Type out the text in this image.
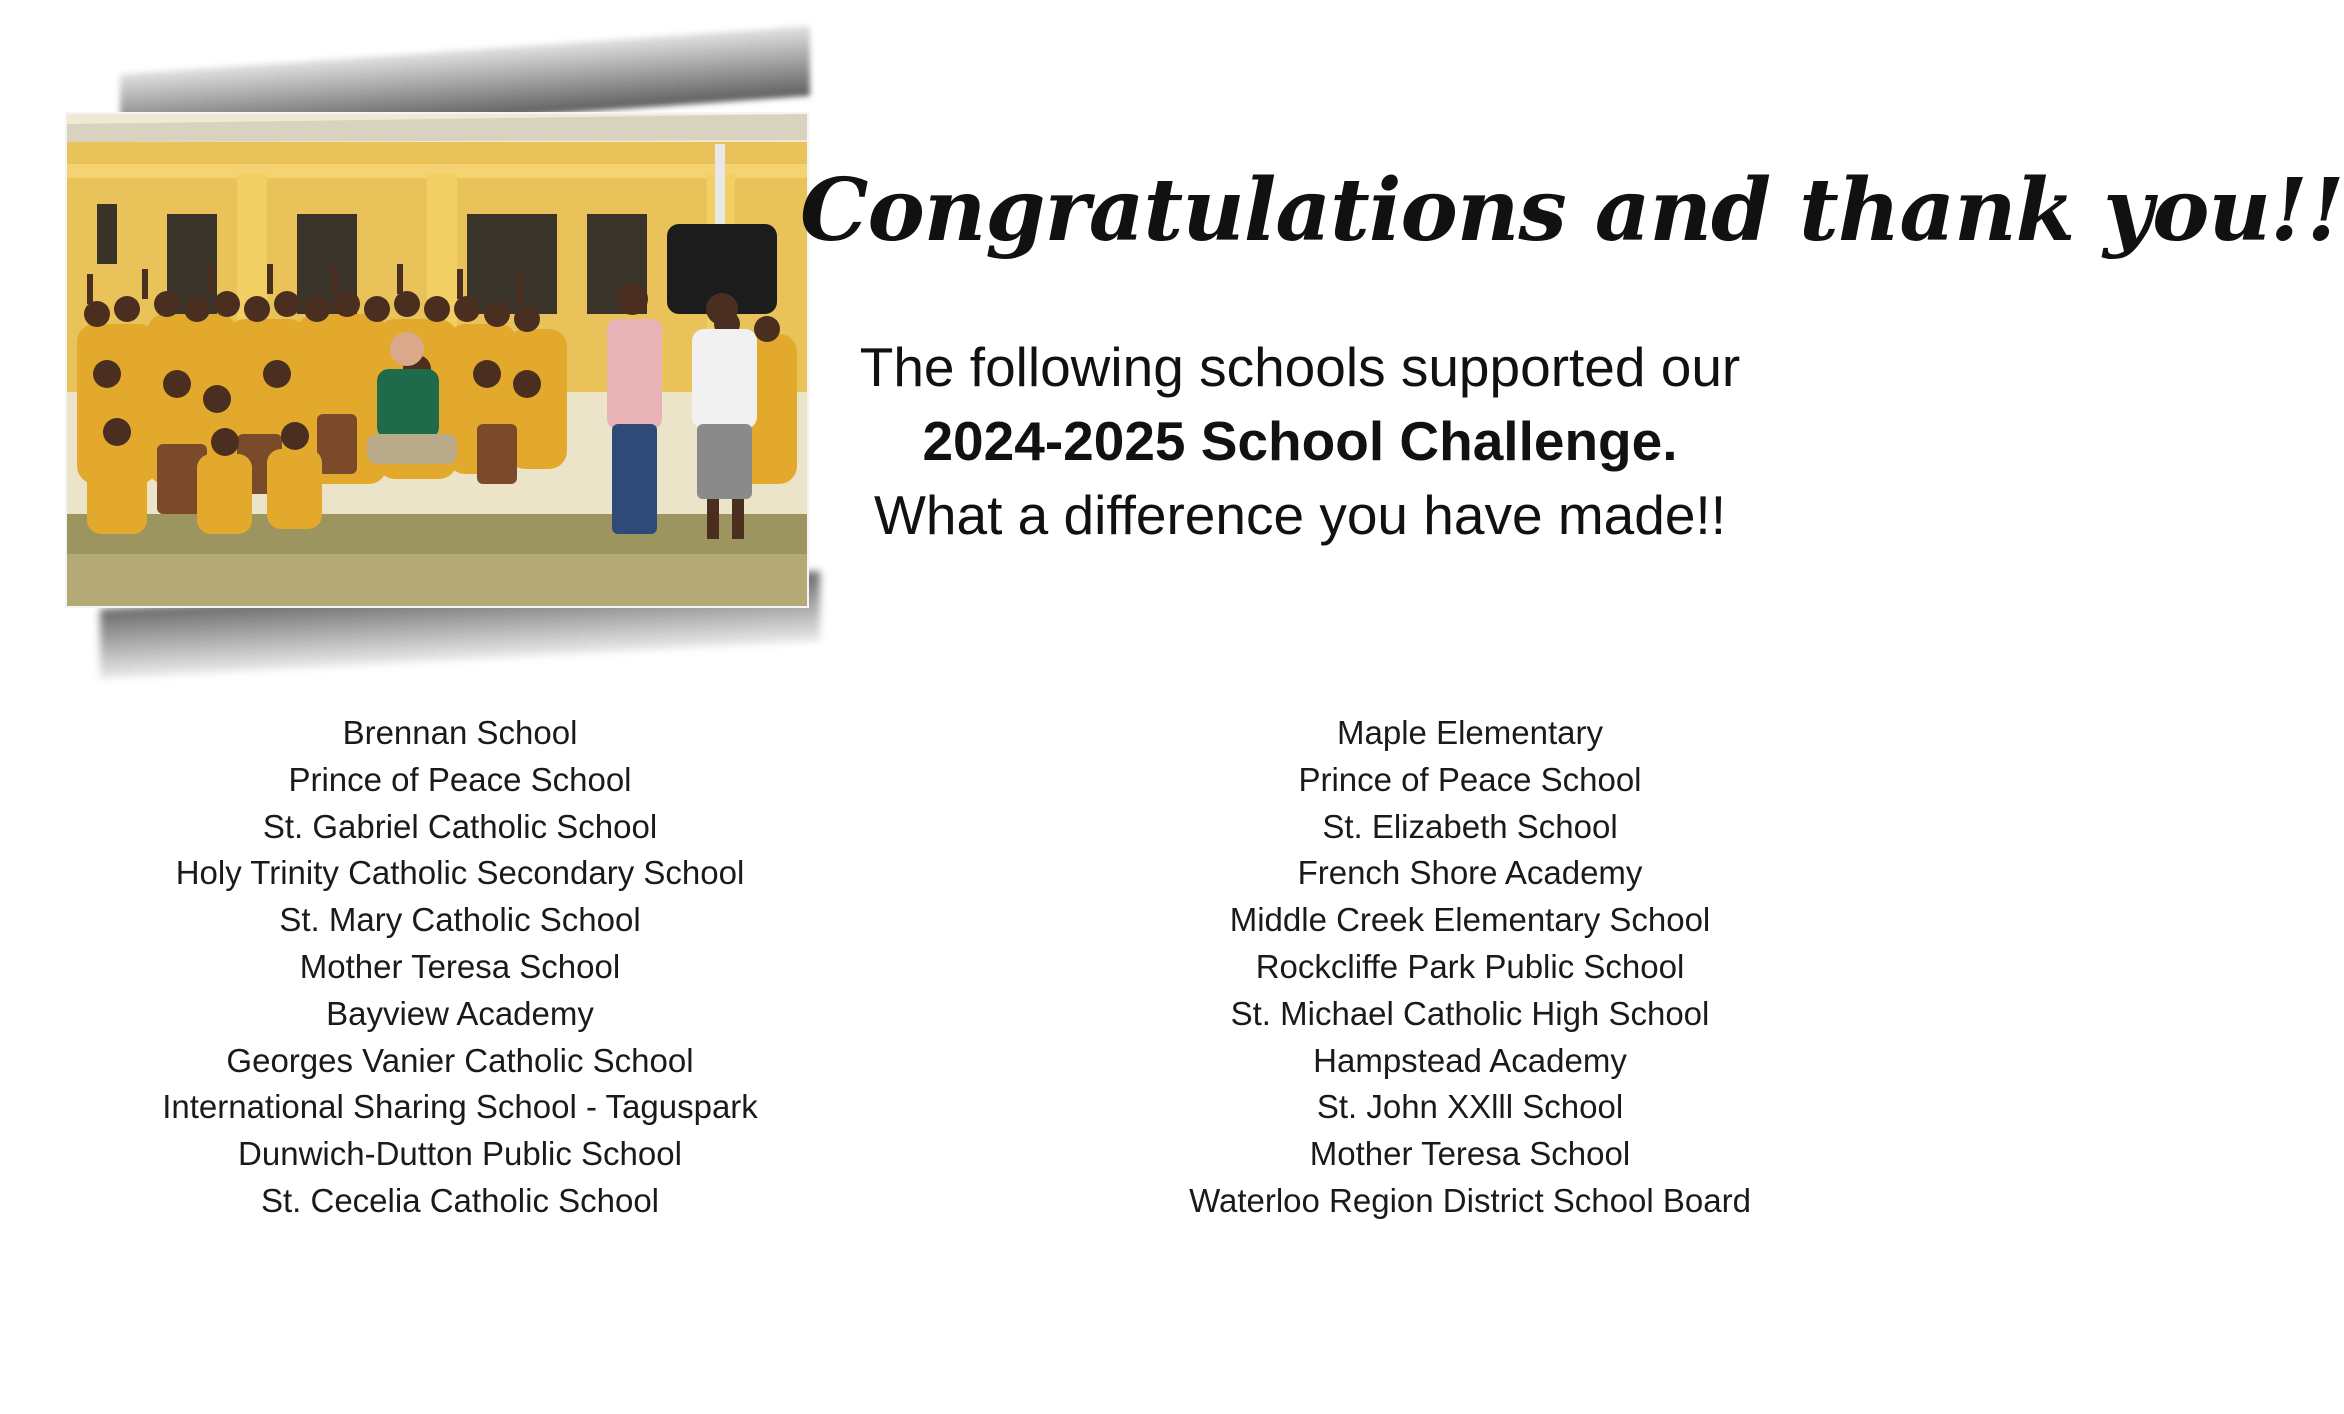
Congratulations and thank you!!
The following schools supported our
2024-2025 School Challenge.
What a difference you have made!!
Brennan School
Prince of Peace School
St. Gabriel Catholic School
Holy Trinity Catholic Secondary School
St. Mary Catholic School
Mother Teresa School
Bayview Academy
Georges Vanier Catholic School
International Sharing School - Taguspark
Dunwich-Dutton Public School
St. Cecelia Catholic School
Maple Elementary
Prince of Peace School
St. Elizabeth School
French Shore Academy
Middle Creek Elementary School
Rockcliffe Park Public School
St. Michael Catholic High School
Hampstead Academy
St. John XXlll School
Mother Teresa School
Waterloo Region District School Board
